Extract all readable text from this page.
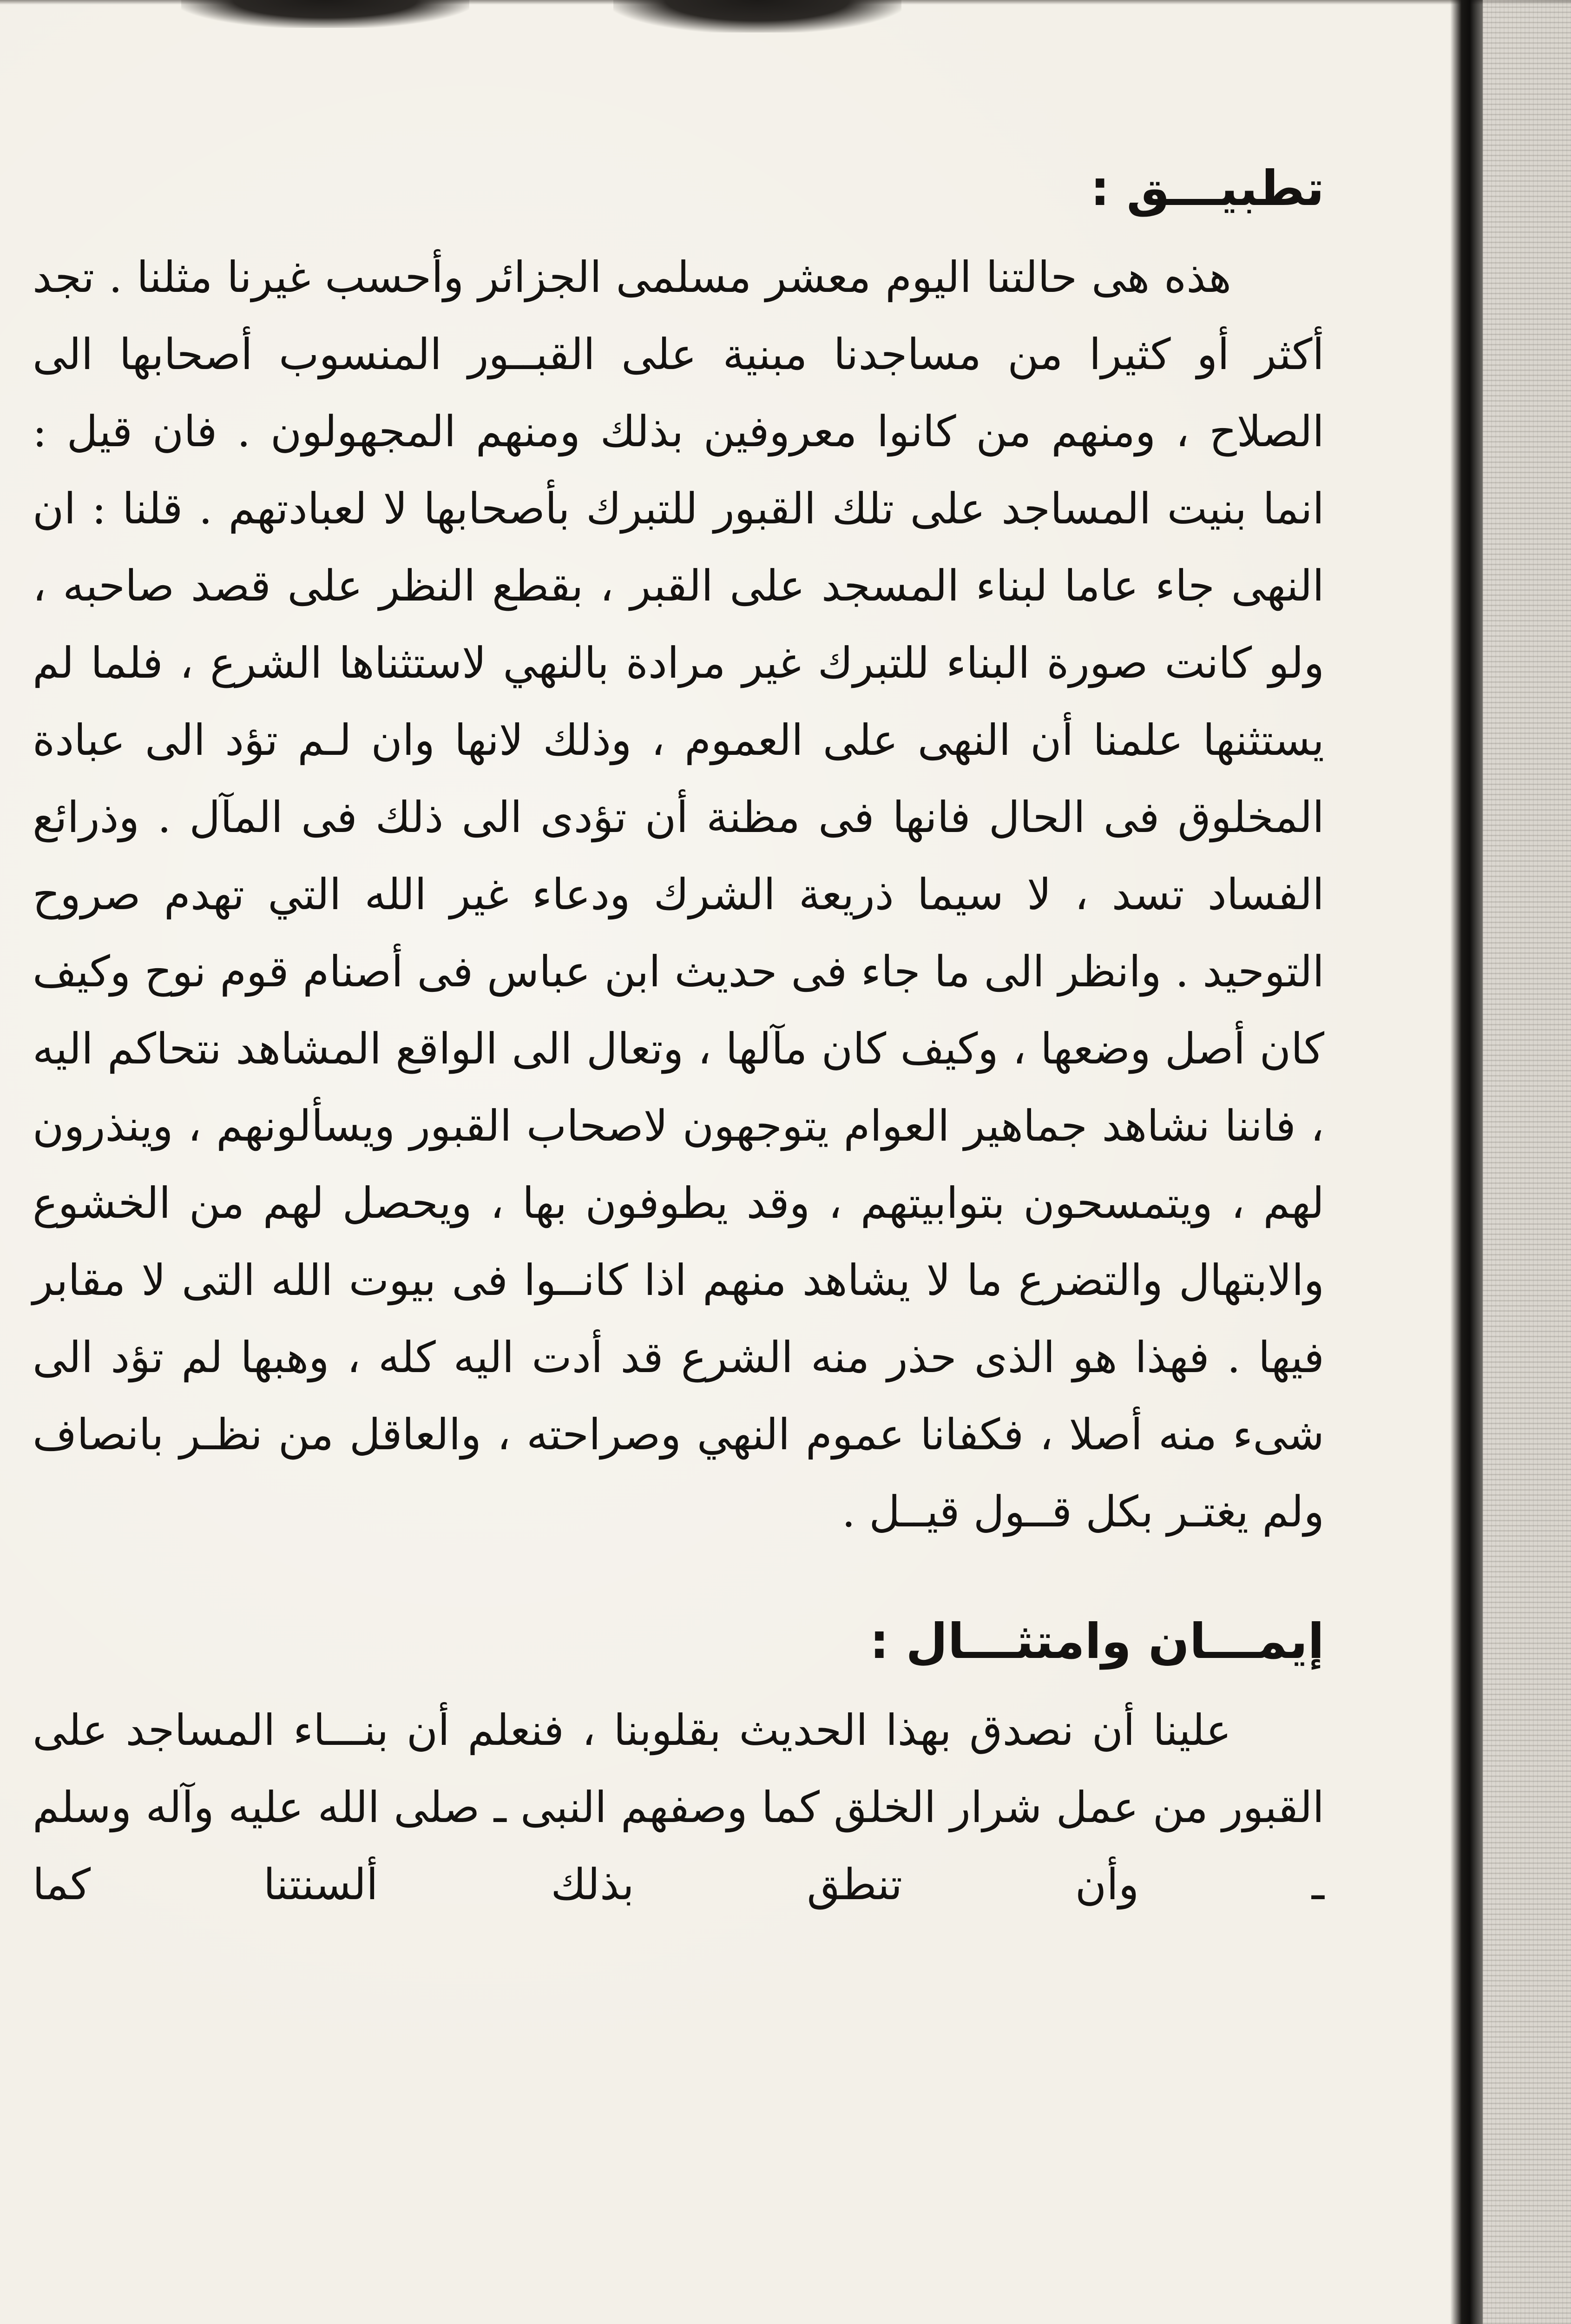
تطبيـــق :

هذه هى حالتنا اليوم معشر مسلمى الجزائر وأحسب غيرنا مثلنا . تجد أكثر أو كثيرا من مساجدنا مبنية على القبــور المنسوب أصحابها الى الصلاح ، ومنهم من كانوا معروفين بذلك ومنهم المجهولون . فان قيل : انما بنيت المساجد على تلك القبور للتبرك بأصحابها لا لعبادتهم . قلنا : ان النهى جاء عاما لبناء المسجد على القبر ، بقطع النظر على قصد صاحبه ، ولو كانت صورة البناء للتبرك غير مرادة بالنهي لاستثناها الشرع ، فلما لم يستثنها علمنا أن النهى على العموم ، وذلك لانها وان لـم تؤد الى عبادة المخلوق فى الحال فانها فى مظنة أن تؤدى الى ذلك فى المآل . وذرائع الفساد تسد ، لا سيما ذريعة الشرك ودعاء غير الله التي تهدم صروح التوحيد . وانظر الى ما جاء فى حديث ابن عباس فى أصنام قوم نوح وكيف كان أصل وضعها ، وكيف كان مآلها ، وتعال الى الواقع المشاهد نتحاكم اليه ، فاننا نشاهد جماهير العوام يتوجهون لاصحاب القبور ويسألونهم ، وينذرون لهم ، ويتمسحون بتوابيتهم ، وقد يطوفون بها ، ويحصل لهم من الخشوع والابتهال والتضرع ما لا يشاهد منهم اذا كانــوا فى بيوت الله التى لا مقابر فيها . فهذا هو الذى حذر منه الشرع قد أدت اليه كله ، وهبها لم تؤد الى شىء منه أصلا ، فكفانا عموم النهي وصراحته ، والعاقل من نظـر بانصاف ولم يغتـر بكل قــول قيــل .

إيمـــان وامتثـــال :

علينا أن نصدق بهذا الحديث بقلوبنا ، فنعلم أن بنـــاء المساجد على القبور من عمل شرار الخلق كما وصفهم النبى ـ صلى الله عليه وآله وسلم ـ وأن تنطق بذلك ألسنتنا كما
